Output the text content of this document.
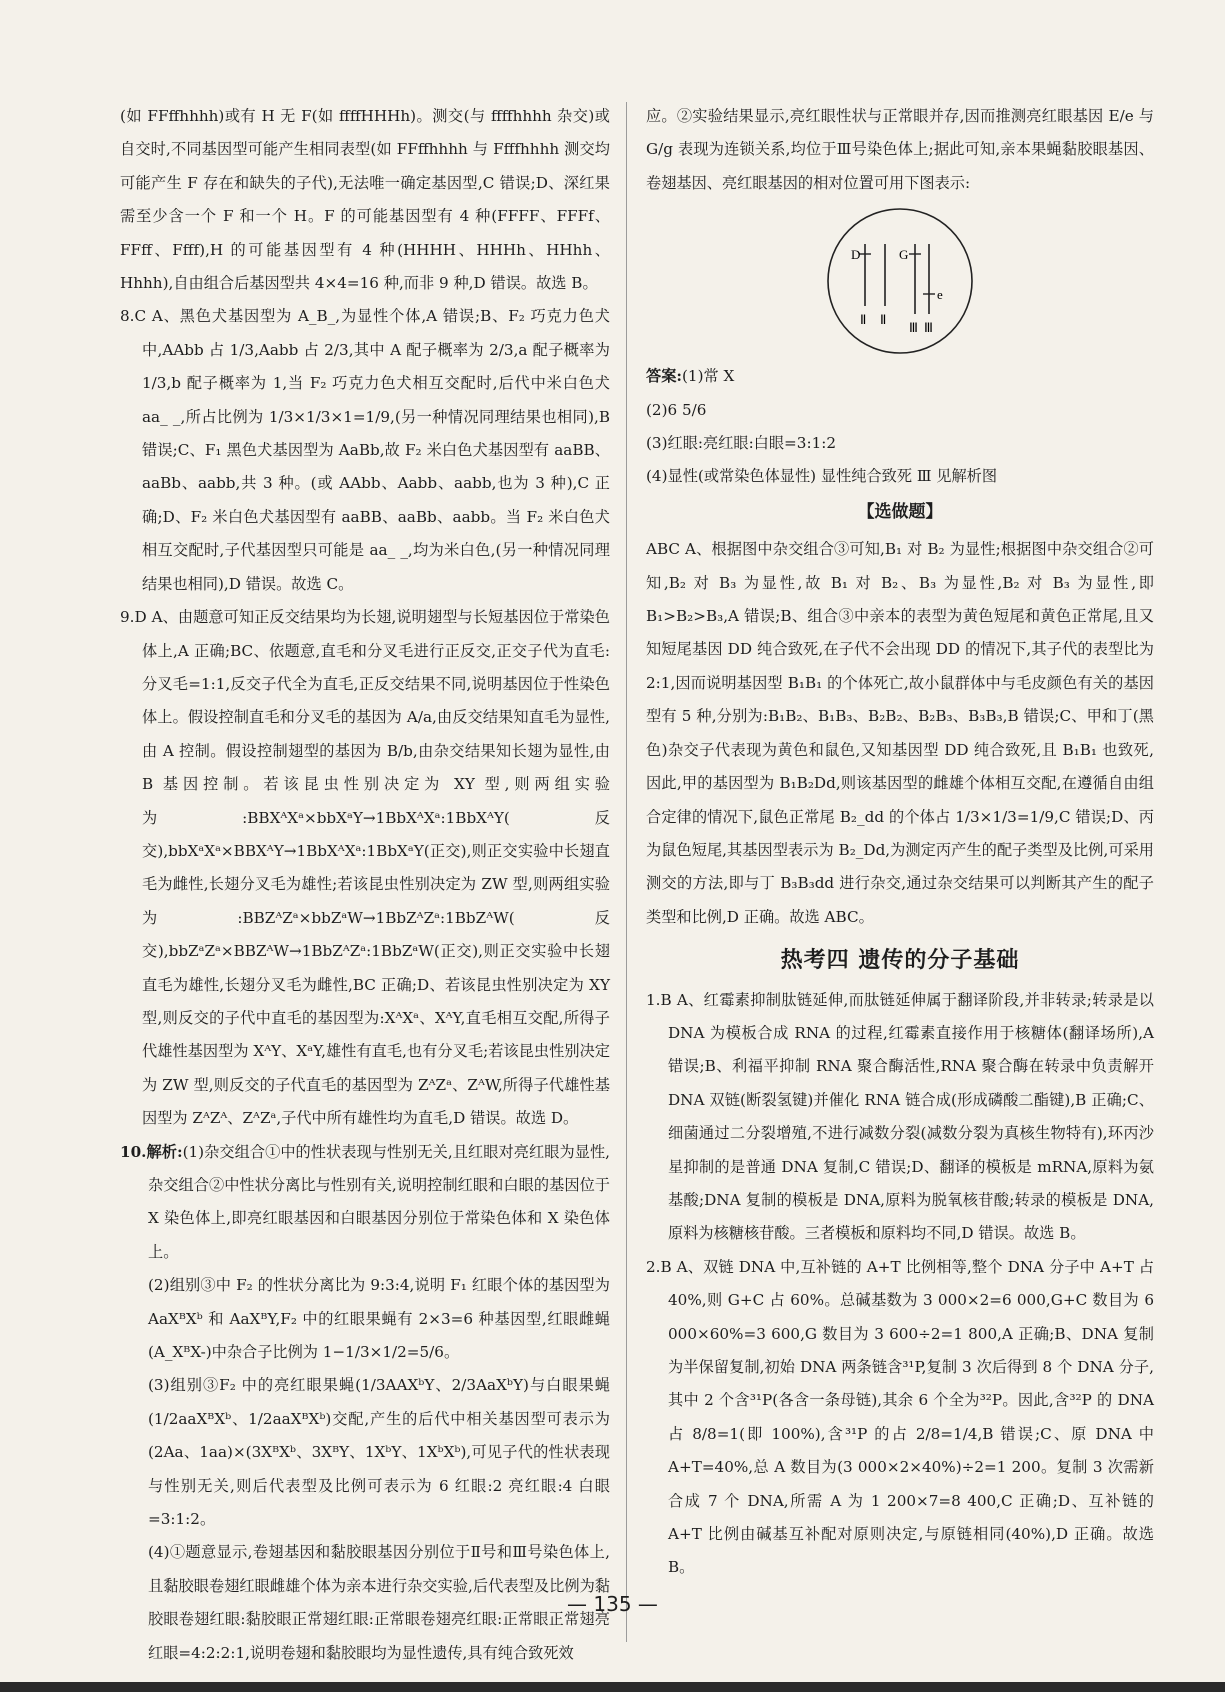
(如 FFffhhhh)或有 H 无 F(如 ffffHHHh)。测交(与 ffffhhhh 杂交)或自交时,不同基因型可能产生相同表型(如 FFffhhhh 与 Ffffhhhh 测交均可能产生 F 存在和缺失的子代),无法唯一确定基因型,C 错误;D、深红果需至少含一个 F 和一个 H。F 的可能基因型有 4 种(FFFF、FFFf、FFff、Ffff),H 的可能基因型有 4 种(HHHH、HHHh、HHhh、Hhhh),自由组合后基因型共 4×4=16 种,而非 9 种,D 错误。故选 B。

8.C A、黑色犬基因型为 A_B_,为显性个体,A 错误;B、F₂ 巧克力色犬中,AAbb 占 1/3,Aabb 占 2/3,其中 A 配子概率为 2/3,a 配子概率为 1/3,b 配子概率为 1,当 F₂ 巧克力色犬相互交配时,后代中米白色犬 aa_ _,所占比例为 1/3×1/3×1=1/9,(另一种情况同理结果也相同),B 错误;C、F₁ 黑色犬基因型为 AaBb,故 F₂ 米白色犬基因型有 aaBB、aaBb、aabb,共 3 种。(或 AAbb、Aabb、aabb,也为 3 种),C 正确;D、F₂ 米白色犬基因型有 aaBB、aaBb、aabb。当 F₂ 米白色犬相互交配时,子代基因型只可能是 aa_ _,均为米白色,(另一种情况同理结果也相同),D 错误。故选 C。

9.D A、由题意可知正反交结果均为长翅,说明翅型与长短基因位于常染色体上,A 正确;BC、依题意,直毛和分叉毛进行正反交,正交子代为直毛:分叉毛=1:1,反交子代全为直毛,正反交结果不同,说明基因位于性染色体上。假设控制直毛和分叉毛的基因为 A/a,由反交结果知直毛为显性,由 A 控制。假设控制翅型的基因为 B/b,由杂交结果知长翅为显性,由 B 基因控制。若该昆虫性别决定为 XY 型,则两组实验为:BBXᴬXᵃ×bbXᵃY→1BbXᴬXᵃ:1BbXᴬY(反交),bbXᵃXᵃ×BBXᴬY→1BbXᴬXᵃ:1BbXᵃY(正交),则正交实验中长翅直毛为雌性,长翅分叉毛为雄性;若该昆虫性别决定为 ZW 型,则两组实验为:BBZᴬZᵃ×bbZᵃW→1BbZᴬZᵃ:1BbZᴬW(反交),bbZᵃZᵃ×BBZᴬW→1BbZᴬZᵃ:1BbZᵃW(正交),则正交实验中长翅直毛为雄性,长翅分叉毛为雌性,BC 正确;D、若该昆虫性别决定为 XY 型,则反交的子代中直毛的基因型为:XᴬXᵃ、XᴬY,直毛相互交配,所得子代雄性基因型为 XᴬY、XᵃY,雄性有直毛,也有分叉毛;若该昆虫性别决定为 ZW 型,则反交的子代直毛的基因型为 ZᴬZᵃ、ZᴬW,所得子代雄性基因型为 ZᴬZᴬ、ZᴬZᵃ,子代中所有雄性均为直毛,D 错误。故选 D。

10.解析:(1)杂交组合①中的性状表现与性别无关,且红眼对亮红眼为显性,杂交组合②中性状分离比与性别有关,说明控制红眼和白眼的基因位于 X 染色体上,即亮红眼基因和白眼基因分别位于常染色体和 X 染色体上。

(2)组别③中 F₂ 的性状分离比为 9:3:4,说明 F₁ 红眼个体的基因型为 AaXᴮXᵇ 和 AaXᴮY,F₂ 中的红眼果蝇有 2×3=6 种基因型,红眼雌蝇(A_XᴮX-)中杂合子比例为 1−1/3×1/2=5/6。

(3)组别③F₂ 中的亮红眼果蝇(1/3AAXᵇY、2/3AaXᵇY)与白眼果蝇(1/2aaXᴮXᵇ、1/2aaXᴮXᵇ)交配,产生的后代中相关基因型可表示为(2Aa、1aa)×(3XᴮXᵇ、3XᴮY、1XᵇY、1XᵇXᵇ),可见子代的性状表现与性别无关,则后代表型及比例可表示为 6 红眼:2 亮红眼:4 白眼=3:1:2。

(4)①题意显示,卷翅基因和黏胶眼基因分别位于Ⅱ号和Ⅲ号染色体上,且黏胶眼卷翅红眼雌雄个体为亲本进行杂交实验,后代表型及比例为黏胶眼卷翅红眼:黏胶眼正常翅红眼:正常眼卷翅亮红眼:正常眼正常翅亮红眼=4:2:2:1,说明卷翅和黏胶眼均为显性遗传,具有纯合致死效

应。②实验结果显示,亮红眼性状与正常眼并存,因而推测亮红眼基因 E/e 与 G/g 表现为连锁关系,均位于Ⅲ号染色体上;据此可知,亲本果蝇黏胶眼基因、卷翅基因、亮红眼基因的相对位置可用下图表示:

D
Ⅱ Ⅱ
G
e
Ⅲ Ⅲ

答案:(1)常 X

(2)6 5/6

(3)红眼:亮红眼:白眼=3:1:2

(4)显性(或常染色体显性) 显性纯合致死 Ⅲ 见解析图

【选做题】

ABC A、根据图中杂交组合③可知,B₁ 对 B₂ 为显性;根据图中杂交组合②可知,B₂ 对 B₃ 为显性,故 B₁ 对 B₂、B₃ 为显性,B₂ 对 B₃ 为显性,即 B₁>B₂>B₃,A 错误;B、组合③中亲本的表型为黄色短尾和黄色正常尾,且又知短尾基因 DD 纯合致死,在子代不会出现 DD 的情况下,其子代的表型比为 2:1,因而说明基因型 B₁B₁ 的个体死亡,故小鼠群体中与毛皮颜色有关的基因型有 5 种,分别为:B₁B₂、B₁B₃、B₂B₂、B₂B₃、B₃B₃,B 错误;C、甲和丁(黑色)杂交子代表现为黄色和鼠色,又知基因型 DD 纯合致死,且 B₁B₁ 也致死,因此,甲的基因型为 B₁B₂Dd,则该基因型的雌雄个体相互交配,在遵循自由组合定律的情况下,鼠色正常尾 B₂_dd 的个体占 1/3×1/3=1/9,C 错误;D、丙为鼠色短尾,其基因型表示为 B₂_Dd,为测定丙产生的配子类型及比例,可采用测交的方法,即与丁 B₃B₃dd 进行杂交,通过杂交结果可以判断其产生的配子类型和比例,D 正确。故选 ABC。

热考四 遗传的分子基础

1.B A、红霉素抑制肽链延伸,而肽链延伸属于翻译阶段,并非转录;转录是以 DNA 为模板合成 RNA 的过程,红霉素直接作用于核糖体(翻译场所),A 错误;B、利福平抑制 RNA 聚合酶活性,RNA 聚合酶在转录中负责解开 DNA 双链(断裂氢键)并催化 RNA 链合成(形成磷酸二酯键),B 正确;C、细菌通过二分裂增殖,不进行减数分裂(减数分裂为真核生物特有),环丙沙星抑制的是普通 DNA 复制,C 错误;D、翻译的模板是 mRNA,原料为氨基酸;DNA 复制的模板是 DNA,原料为脱氧核苷酸;转录的模板是 DNA,原料为核糖核苷酸。三者模板和原料均不同,D 错误。故选 B。

2.B A、双链 DNA 中,互补链的 A+T 比例相等,整个 DNA 分子中 A+T 占 40%,则 G+C 占 60%。总碱基数为 3 000×2=6 000,G+C 数目为 6 000×60%=3 600,G 数目为 3 600÷2=1 800,A 正确;B、DNA 复制为半保留复制,初始 DNA 两条链含³¹P,复制 3 次后得到 8 个 DNA 分子,其中 2 个含³¹P(各含一条母链),其余 6 个全为³²P。因此,含³²P 的 DNA 占 8/8=1(即 100%),含³¹P 的占 2/8=1/4,B 错误;C、原 DNA 中 A+T=40%,总 A 数目为(3 000×2×40%)÷2=1 200。复制 3 次需新合成 7 个 DNA,所需 A 为 1 200×7=8 400,C 正确;D、互补链的 A+T 比例由碱基互补配对原则决定,与原链相同(40%),D 正确。故选 B。

— 135 —
